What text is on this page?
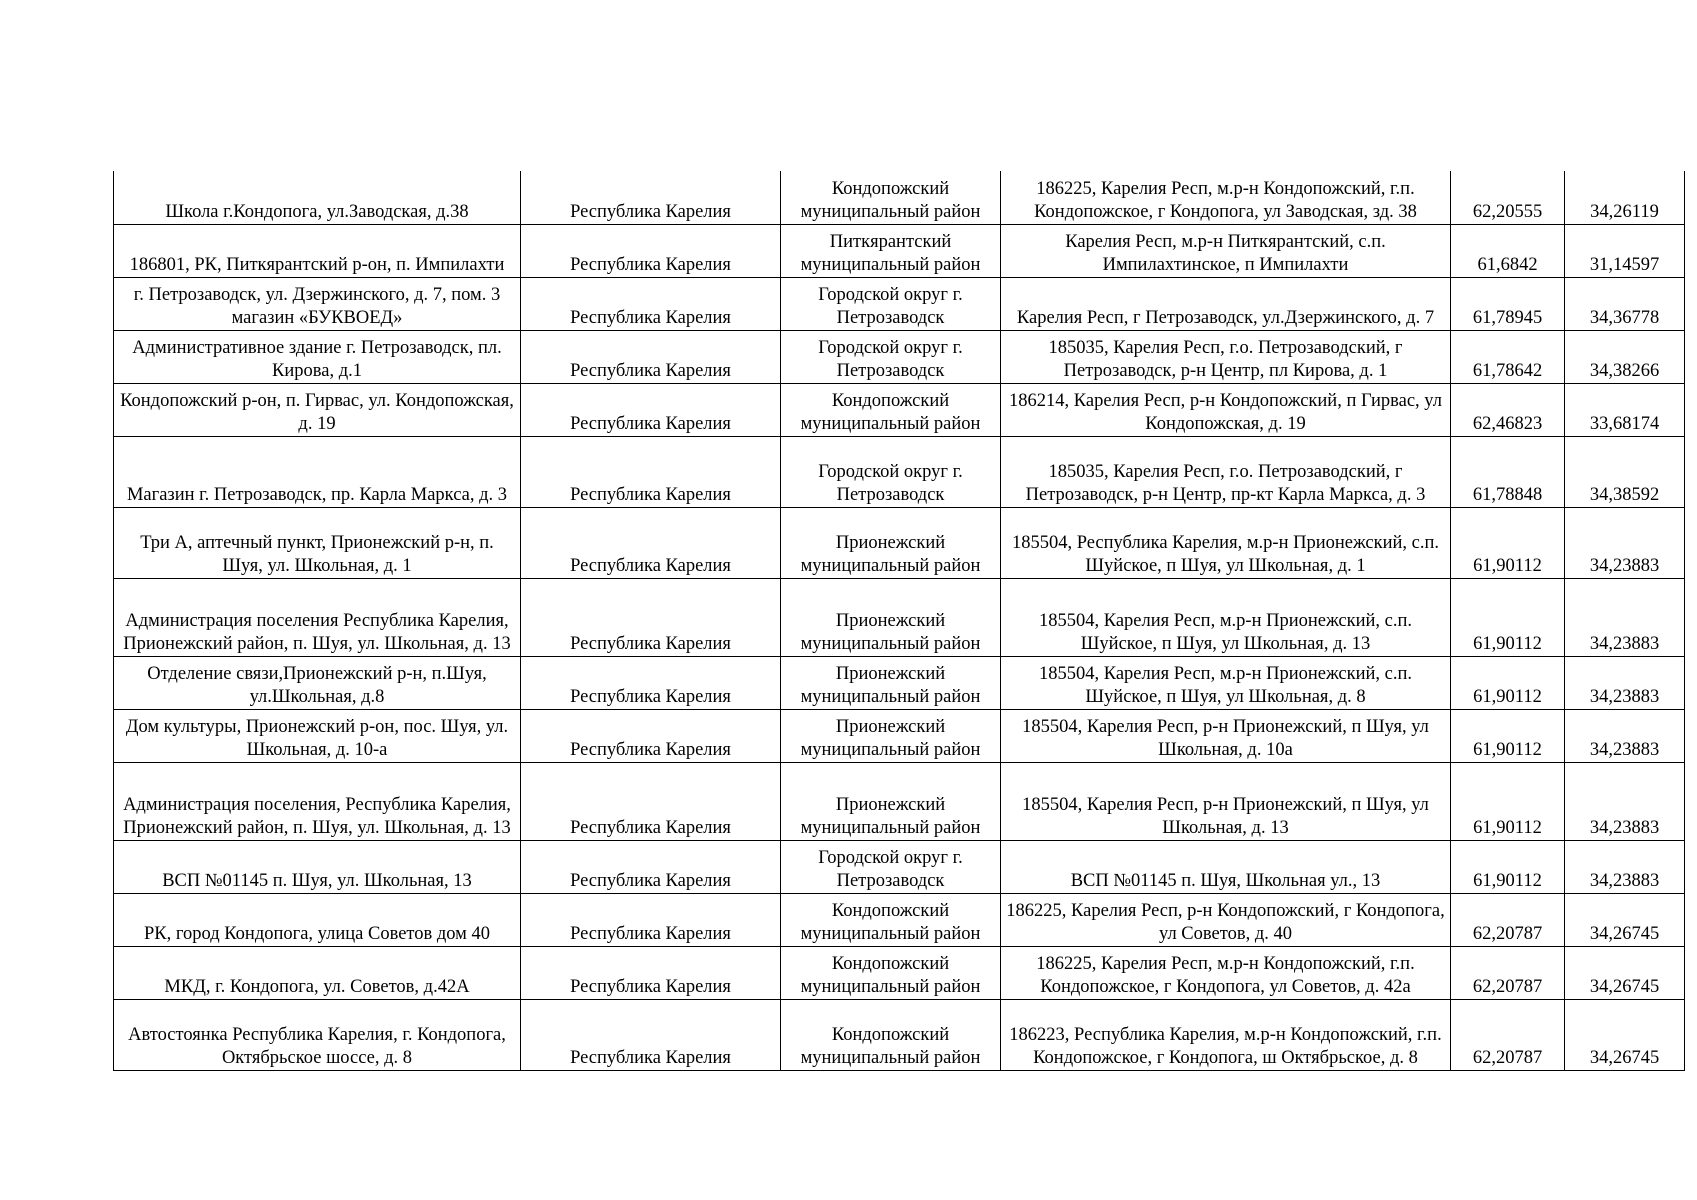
Школа г.Кондопога, ул.Заводская, д.38	Республика Карелия	Кондопожский муниципальный район	186225, Карелия Респ, м.р-н Кондопожский, г.п. Кондопожское, г Кондопога, ул Заводская, зд. 38	62,20555	34,26119
186801, РК, Питкярантский р-он, п. Импилахти	Республика Карелия	Питкярантский муниципальный район	Карелия Респ, м.р-н Питкярантский, с.п. Импилахтинское, п Импилахти	61,6842	31,14597
г. Петрозаводск, ул. Дзержинского, д. 7, пом. 3 магазин «БУКВОЕД»	Республика Карелия	Городской округ г. Петрозаводск	Карелия Респ, г Петрозаводск, ул.Дзержинского, д. 7	61,78945	34,36778
Административное здание г. Петрозаводск, пл. Кирова, д.1	Республика Карелия	Городской округ г. Петрозаводск	185035, Карелия Респ, г.о. Петрозаводский, г Петрозаводск, р-н Центр, пл Кирова, д. 1	61,78642	34,38266
Кондопожский р-он, п. Гирвас, ул. Кондопожская, д. 19	Республика Карелия	Кондопожский муниципальный район	186214, Карелия Респ, р-н Кондопожский, п Гирвас, ул Кондопожская, д. 19	62,46823	33,68174
Магазин г. Петрозаводск, пр. Карла Маркса, д. 3	Республика Карелия	Городской округ г. Петрозаводск	185035, Карелия Респ, г.о. Петрозаводский, г Петрозаводск, р-н Центр, пр-кт Карла Маркса, д. 3	61,78848	34,38592
Три А, аптечный пункт, Прионежский р-н, п. Шуя, ул. Школьная, д. 1	Республика Карелия	Прионежский муниципальный район	185504, Республика Карелия, м.р-н Прионежский, с.п. Шуйское, п Шуя, ул Школьная, д. 1	61,90112	34,23883
Администрация поселения Республика Карелия, Прионежский район, п. Шуя, ул. Школьная, д. 13	Республика Карелия	Прионежский муниципальный район	185504, Карелия Респ, м.р-н Прионежский, с.п. Шуйское, п Шуя, ул Школьная, д. 13	61,90112	34,23883
Отделение связи,Прионежский р-н, п.Шуя, ул.Школьная, д.8	Республика Карелия	Прионежский муниципальный район	185504, Карелия Респ, м.р-н Прионежский, с.п. Шуйское, п Шуя, ул Школьная, д. 8	61,90112	34,23883
Дом культуры, Прионежский р-он, пос. Шуя, ул. Школьная, д. 10-а	Республика Карелия	Прионежский муниципальный район	185504, Карелия Респ, р-н Прионежский, п Шуя, ул Школьная, д. 10а	61,90112	34,23883
Администрация поселения, Республика Карелия, Прионежский район, п. Шуя, ул. Школьная, д. 13	Республика Карелия	Прионежский муниципальный район	185504, Карелия Респ, р-н Прионежский, п Шуя, ул Школьная, д. 13	61,90112	34,23883
ВСП №01145 п. Шуя, ул. Школьная, 13	Республика Карелия	Городской округ г. Петрозаводск	ВСП №01145 п. Шуя, Школьная ул., 13	61,90112	34,23883
РК, город Кондопога, улица Советов дом 40	Республика Карелия	Кондопожский муниципальный район	186225, Карелия Респ, р-н Кондопожский, г Кондопога, ул Советов, д. 40	62,20787	34,26745
МКД, г. Кондопога, ул. Советов, д.42А	Республика Карелия	Кондопожский муниципальный район	186225, Карелия Респ, м.р-н Кондопожский, г.п. Кондопожское, г Кондопога, ул Советов, д. 42а	62,20787	34,26745
Автостоянка Республика Карелия, г. Кондопога, Октябрьское шоссе, д. 8	Республика Карелия	Кондопожский муниципальный район	186223, Республика Карелия, м.р-н Кондопожский, г.п. Кондопожское, г Кондопога, ш Октябрьское, д. 8	62,20787	34,26745
